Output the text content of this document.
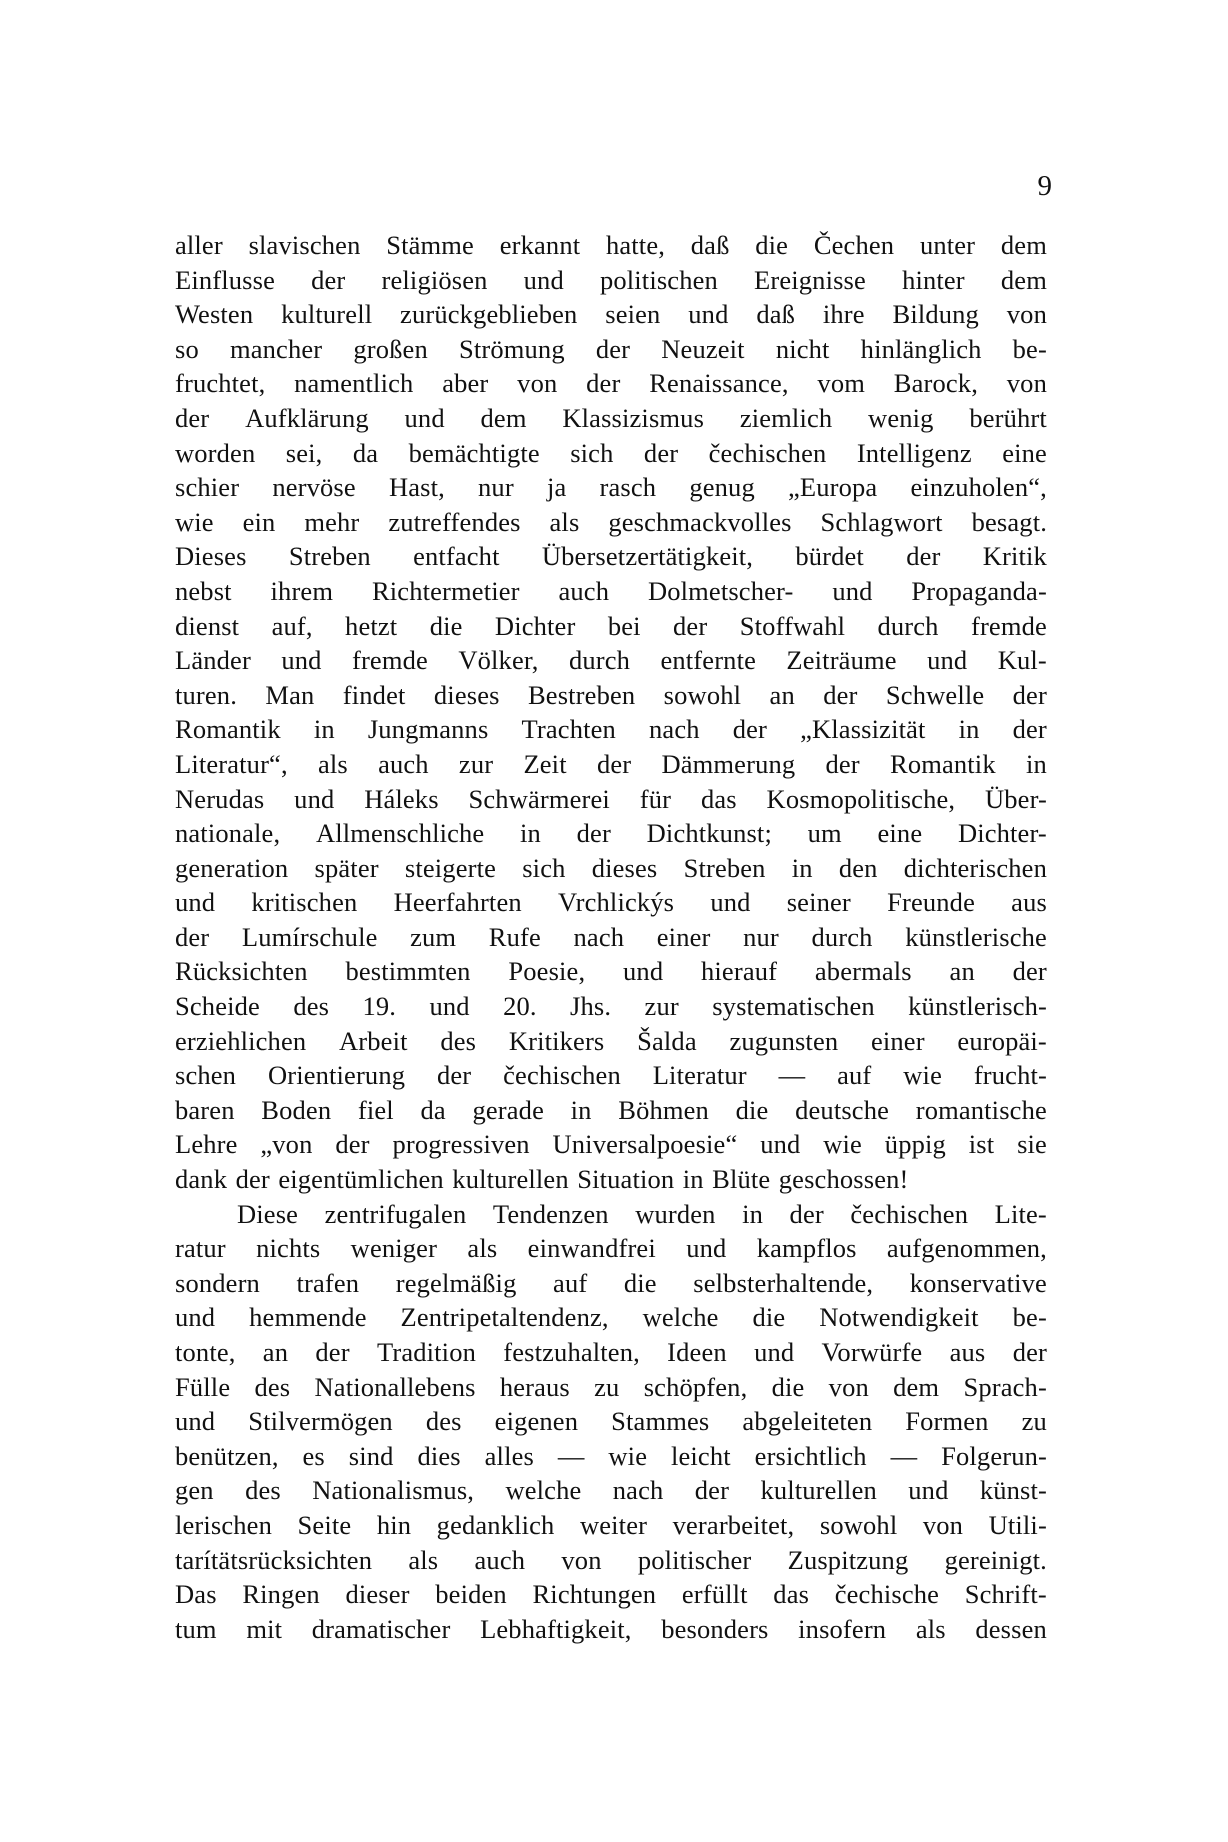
9
aller slavischen Stämme erkannt hatte, daß die Čechen unter dem
Einflusse der religiösen und politischen Ereignisse hinter dem
Westen kulturell zurückgeblieben seien und daß ihre Bildung von
so mancher großen Strömung der Neuzeit nicht hinlänglich be-
fruchtet, namentlich aber von der Renaissance, vom Barock, von
der Aufklärung und dem Klassizismus ziemlich wenig berührt
worden sei, da bemächtigte sich der čechischen Intelligenz eine
schier nervöse Hast, nur ja rasch genug „Europa einzuholen“,
wie ein mehr zutreffendes als geschmackvolles Schlagwort besagt.
Dieses Streben entfacht Übersetzertätigkeit, bürdet der Kritik
nebst ihrem Richtermetier auch Dolmetscher- und Propaganda-
dienst auf, hetzt die Dichter bei der Stoffwahl durch fremde
Länder und fremde Völker, durch entfernte Zeiträume und Kul-
turen. Man findet dieses Bestreben sowohl an der Schwelle der
Romantik in Jungmanns Trachten nach der „Klassizität in der
Literatur“, als auch zur Zeit der Dämmerung der Romantik in
Nerudas und Háleks Schwärmerei für das Kosmopolitische, Über-
nationale, Allmenschliche in der Dichtkunst; um eine Dichter-
generation später steigerte sich dieses Streben in den dichterischen
und kritischen Heerfahrten Vrchlickýs und seiner Freunde aus
der Lumírschule zum Rufe nach einer nur durch künstlerische
Rücksichten bestimmten Poesie, und hierauf abermals an der
Scheide des 19. und 20. Jhs. zur systematischen künstlerisch-
erziehlichen Arbeit des Kritikers Šalda zugunsten einer europäi-
schen Orientierung der čechischen Literatur — auf wie frucht-
baren Boden fiel da gerade in Böhmen die deutsche romantische
Lehre „von der progressiven Universalpoesie“ und wie üppig ist sie
dank der eigentümlichen kulturellen Situation in Blüte geschossen!
Diese zentrifugalen Tendenzen wurden in der čechischen Lite-
ratur nichts weniger als einwandfrei und kampflos aufgenommen,
sondern trafen regelmäßig auf die selbsterhaltende, konservative
und hemmende Zentripetaltendenz, welche die Notwendigkeit be-
tonte, an der Tradition festzuhalten, Ideen und Vorwürfe aus der
Fülle des Nationallebens heraus zu schöpfen, die von dem Sprach-
und Stilvermögen des eigenen Stammes abgeleiteten Formen zu
benützen, es sind dies alles — wie leicht ersichtlich — Folgerun-
gen des Nationalismus, welche nach der kulturellen und künst-
lerischen Seite hin gedanklich weiter verarbeitet, sowohl von Utili-
tarítätsrücksichten als auch von politischer Zuspitzung gereinigt.
Das Ringen dieser beiden Richtungen erfüllt das čechische Schrift-
tum mit dramatischer Lebhaftigkeit, besonders insofern als dessen
